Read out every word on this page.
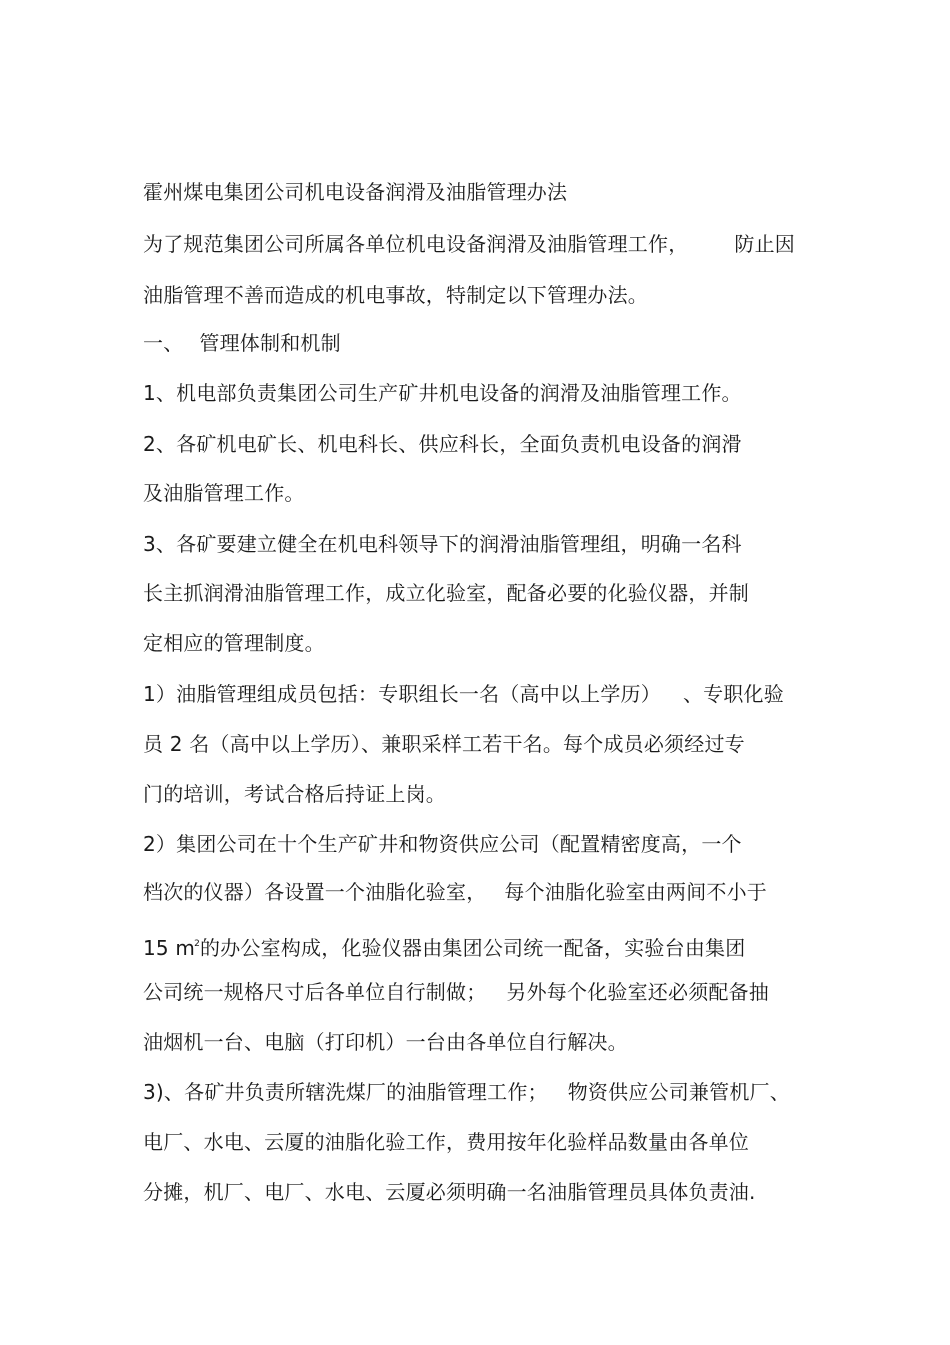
霍州煤电集团公司机电设备润滑及油脂管理办法
为了规范集团公司所属各单位机电设备润滑及油脂管理工作， 防止因
油脂管理不善而造成的机电事故，特制定以下管理办法。
一、 管理体制和机制
1、机电部负责集团公司生产矿井机电设备的润滑及油脂管理工作。
2、各矿机电矿长、机电科长、供应科长，全面负责机电设备的润滑
及油脂管理工作。
3、各矿要建立健全在机电科领导下的润滑油脂管理组，明确一名科
长主抓润滑油脂管理工作，成立化验室，配备必要的化验仪器，并制
定相应的管理制度。
1）油脂管理组成员包括：专职组长一名（高中以上学历） 、专职化验
员 2 名（高中以上学历）、兼职采样工若干名。每个成员必须经过专
门的培训，考试合格后持证上岗。
2）集团公司在十个生产矿井和物资供应公司（配置精密度高，一个
档次的仪器）各设置一个油脂化验室， 每个油脂化验室由两间不小于
15 $m^2$的办公室构成，化验仪器由集团公司统一配备，实验台由集团
公司统一规格尺寸后各单位自行制做； 另外每个化验室还必须配备抽
油烟机一台、电脑（打印机）一台由各单位自行解决。
3)、各矿井负责所辖洗煤厂的油脂管理工作； 物资供应公司兼管机厂、
电厂、水电、云厦的油脂化验工作，费用按年化验样品数量由各单位
分摊，机厂、电厂、水电、云厦必须明确一名油脂管理员具体负责油.
